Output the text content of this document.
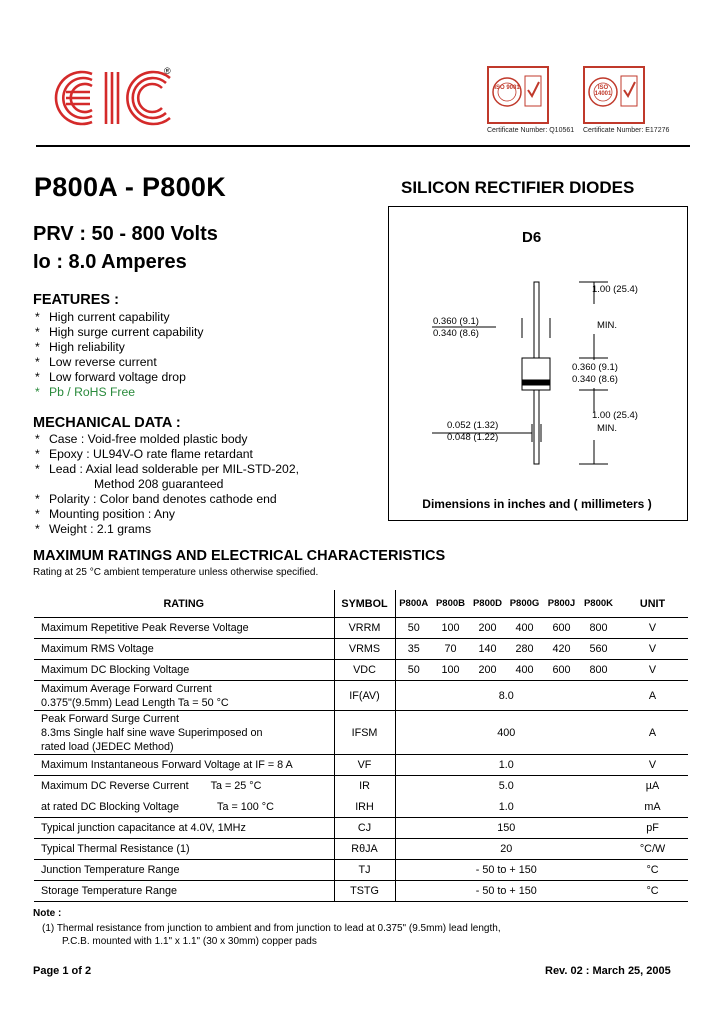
®
ISO 9001
Certificate Number: Q10561
ISO 14001
Certificate Number: E17276
P800A - P800K	SILICON RECTIFIER DIODES
PRV : 50 - 800 Volts
Io : 8.0 Amperes
FEATURES :
* High current capability
* High surge current capability
* High reliability
* Low reverse current
* Low forward voltage drop
* Pb / RoHS Free
MECHANICAL DATA :
* Case : Void-free molded plastic body
* Epoxy : UL94V-O rate flame retardant
* Lead : Axial lead solderable per MIL-STD-202,
Method 208 guaranteed
* Polarity : Color band denotes cathode end
* Mounting position : Any
* Weight : 2.1 grams
D6
1.00 (25.4)
MIN.
0.360 (9.1)
0.340 (8.6)
0.360 (9.1)
0.340 (8.6)
1.00 (25.4)
MIN.
0.052 (1.32)
0.048 (1.22)
Dimensions in inches and ( millimeters )
MAXIMUM RATINGS AND ELECTRICAL CHARACTERISTICS
Rating at 25 °C ambient temperature unless otherwise specified.
RATING	SYMBOL	P800A	P800B	P800D	P800G	P800J	P800K	UNIT
Maximum Repetitive Peak Reverse Voltage	VRRM	50	100	200	400	600	800	V
Maximum RMS Voltage	VRMS	35	70	140	280	420	560	V
Maximum DC Blocking Voltage	VDC	50	100	200	400	600	800	V
Maximum Average Forward Current
0.375"(9.5mm) Lead Length Ta = 50 °C	IF(AV)	8.0						A
Peak Forward Surge Current
8.3ms Single half sine wave Superimposed on
rated load (JEDEC Method)	IFSM	400						A
Maximum Instantaneous Forward Voltage at IF = 8 A	VF	1.0						V
Maximum DC Reverse Current Ta = 25 °C	IR	5.0						µA
at rated DC Blocking Voltage Ta = 100 °C	IRH	1.0						mA
Typical junction capacitance at 4.0V, 1MHz	CJ	150						pF
Typical Thermal Resistance (1)	RθJA	20						°C/W
Junction Temperature Range	TJ	- 50 to + 150						°C
Storage Temperature Range	TSTG	- 50 to + 150						°C
Note :
(1) Thermal resistance from junction to ambient and from junction to lead at 0.375" (9.5mm) lead length,
P.C.B. mounted with 1.1" x 1.1" (30 x 30mm) copper pads
Page 1 of 2	Rev. 02 : March 25, 2005
